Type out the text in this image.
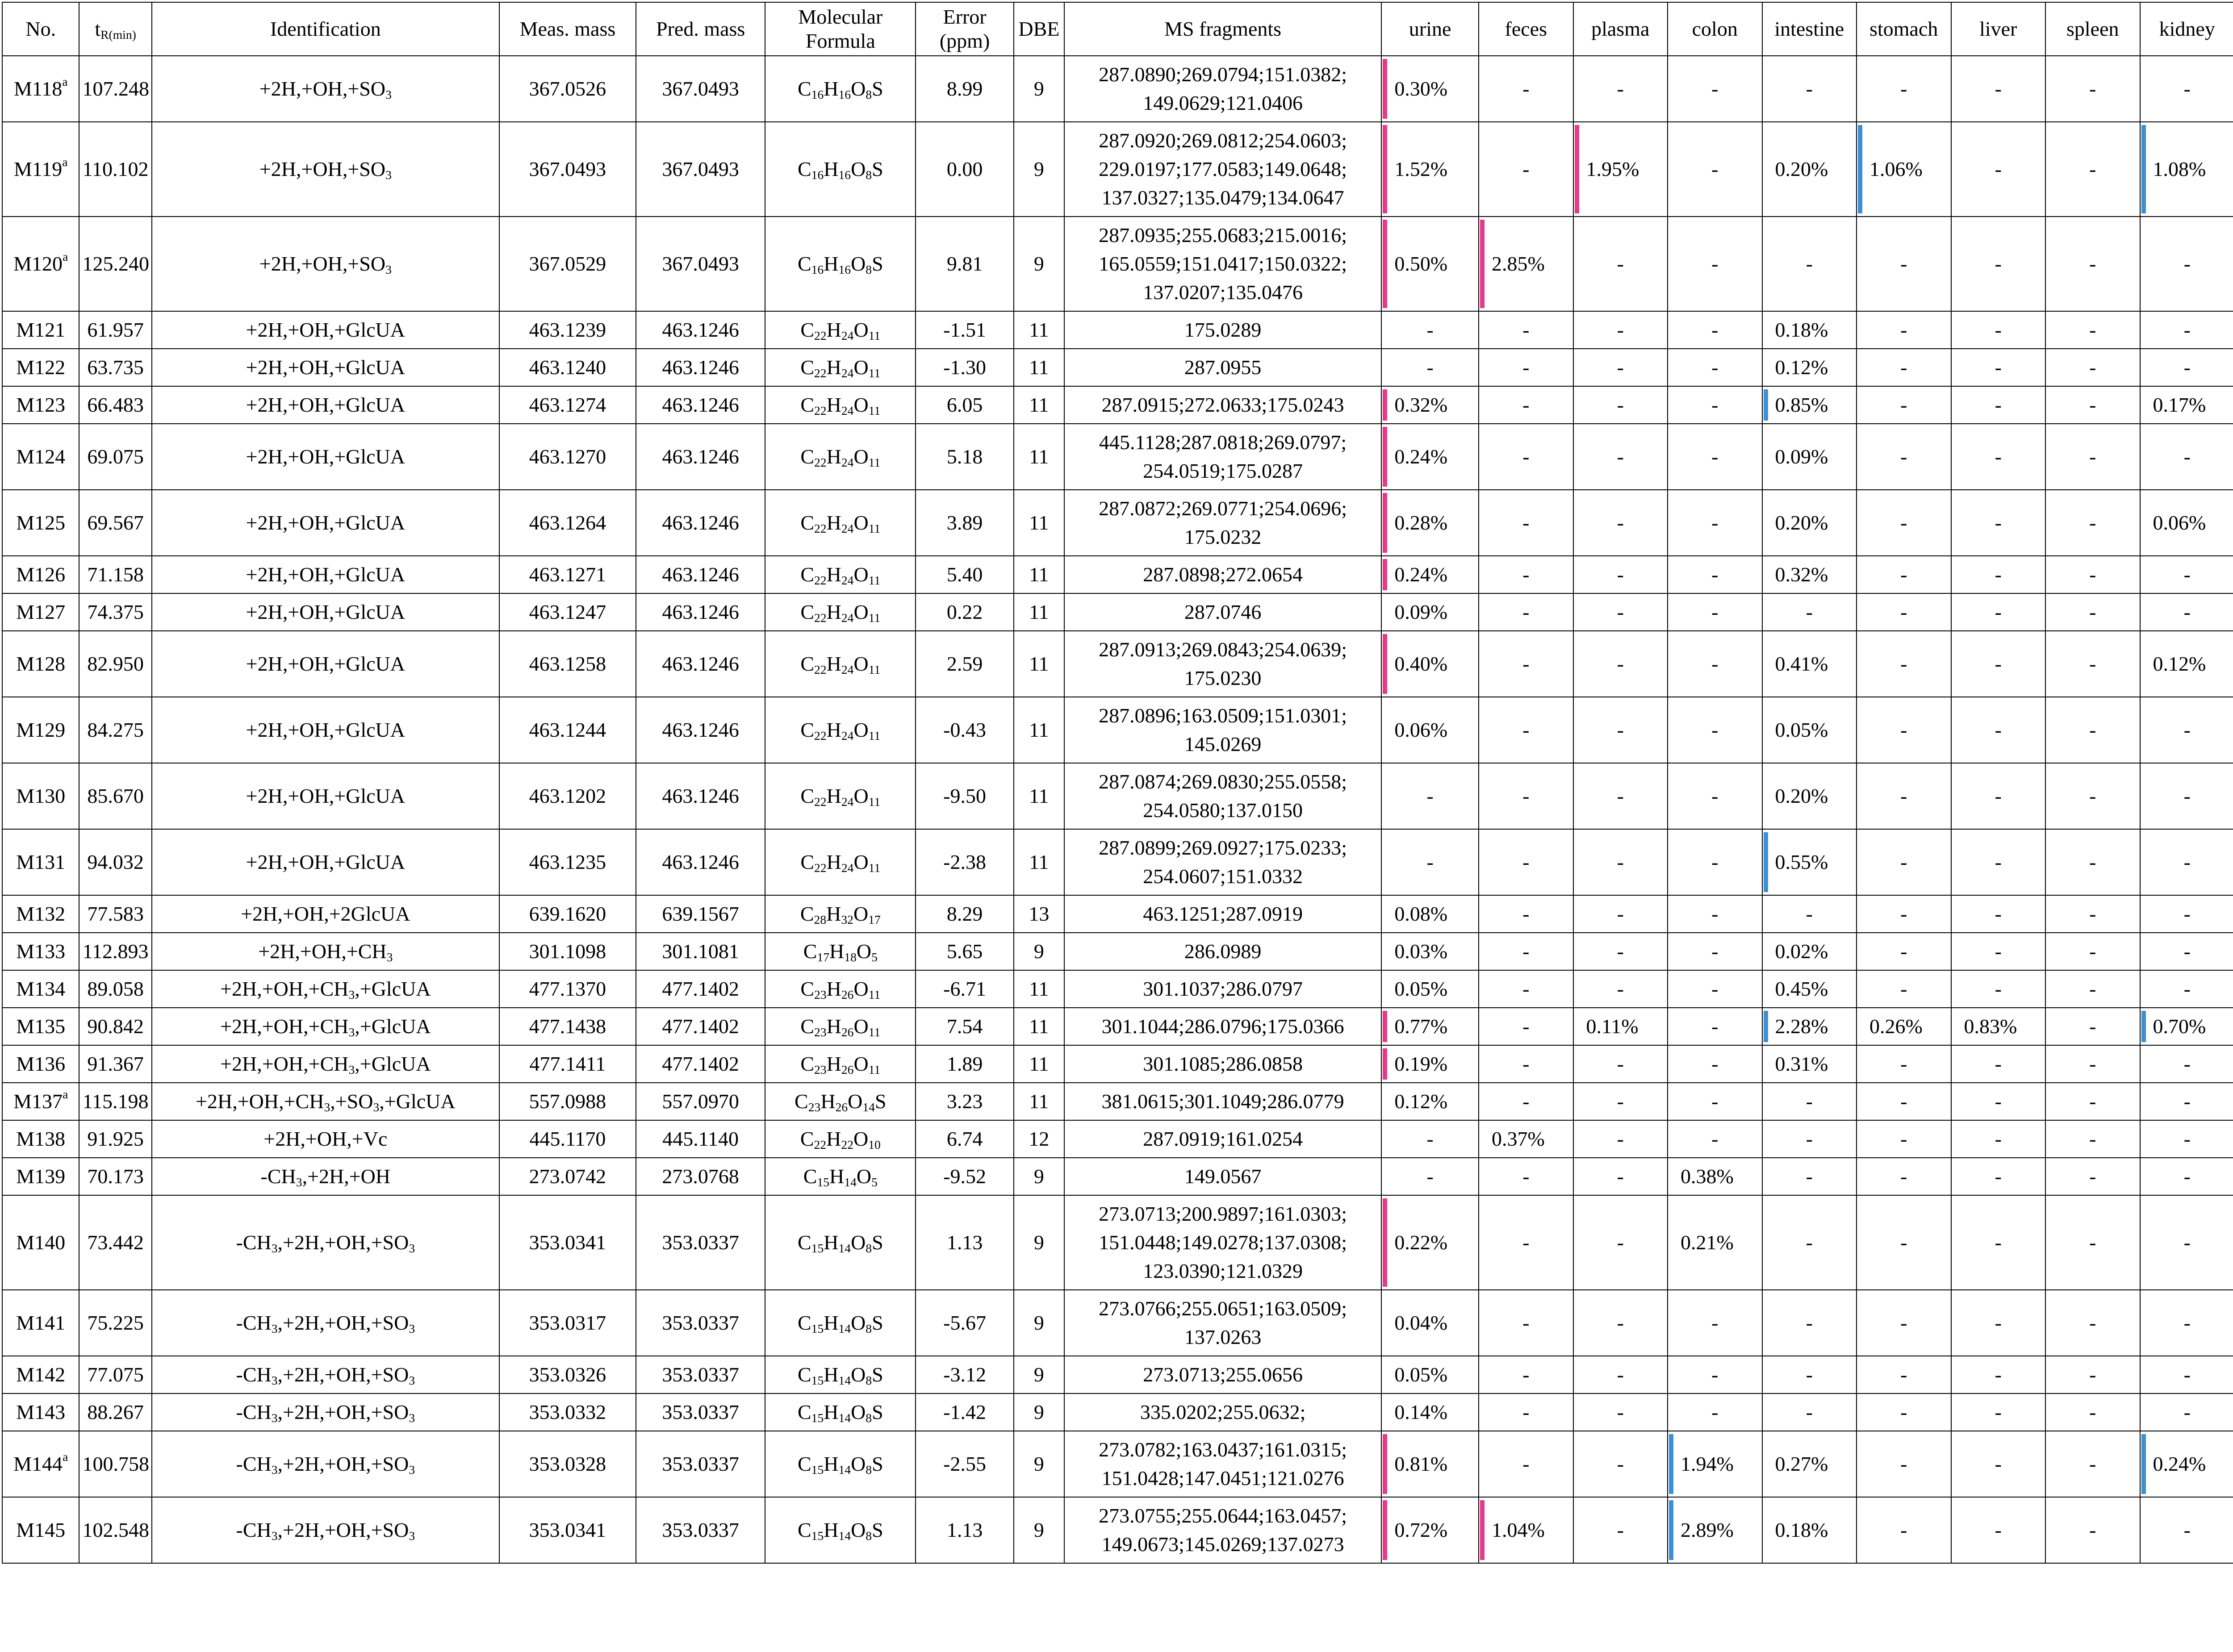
No.	$t_{R(min)}$	Identification	Meas. mass	Pred. mass	Molecular Formula	Error (ppm)	DBE	MS fragments	urine	feces	plasma	colon	intestine	stomach	liver	spleen	kidney				
M118$^a$	107.248	$+2H,+OH,+SO_3$	367.0526	367.0493	$C_{16}H_{16}O_8S$	8.99	9	287.0890;269.0794;151.0382;
149.0629;121.0406	0.30%	-	-	-	-	-	-	-	-				
M119$^a$	110.102	$+2H,+OH,+SO_3$	367.0493	367.0493	$C_{16}H_{16}O_8S$	0.00	9	287.0920;269.0812;254.0603;
229.0197;177.0583;149.0648;
137.0327;135.0479;134.0647	1.52%	-	1.95%	-	0.20%	1.06%	-	-	1.08%				
M120$^a$	125.240	$+2H,+OH,+SO_3$	367.0529	367.0493	$C_{16}H_{16}O_8S$	9.81	9	287.0935;255.0683;215.0016;
165.0559;151.0417;150.0322;
137.0207;135.0476	0.50%	2.85%	-	-	-	-	-	-	-				
M121	61.957	+2H,+OH,+GlcUA	463.1239	463.1246	$C_{22}H_{24}O_{11}$	-1.51	11	175.0289	-	-	-	-	0.18%	-	-	-	-				
M122	63.735	+2H,+OH,+GlcUA	463.1240	463.1246	$C_{22}H_{24}O_{11}$	-1.30	11	287.0955	-	-	-	-	0.12%	-	-	-	-				
M123	66.483	+2H,+OH,+GlcUA	463.1274	463.1246	$C_{22}H_{24}O_{11}$	6.05	11	287.0915;272.0633;175.0243	0.32%	-	-	-	0.85%	-	-	-	0.17%				
M124	69.075	+2H,+OH,+GlcUA	463.1270	463.1246	$C_{22}H_{24}O_{11}$	5.18	11	445.1128;287.0818;269.0797;
254.0519;175.0287	0.24%	-	-	-	0.09%	-	-	-	-				
M125	69.567	+2H,+OH,+GlcUA	463.1264	463.1246	$C_{22}H_{24}O_{11}$	3.89	11	287.0872;269.0771;254.0696;
175.0232	0.28%	-	-	-	0.20%	-	-	-	0.06%				
M126	71.158	+2H,+OH,+GlcUA	463.1271	463.1246	$C_{22}H_{24}O_{11}$	5.40	11	287.0898;272.0654	0.24%	-	-	-	0.32%	-	-	-	-				
M127	74.375	+2H,+OH,+GlcUA	463.1247	463.1246	$C_{22}H_{24}O_{11}$	0.22	11	287.0746	0.09%	-	-	-	-	-	-	-	-				
M128	82.950	+2H,+OH,+GlcUA	463.1258	463.1246	$C_{22}H_{24}O_{11}$	2.59	11	287.0913;269.0843;254.0639;
175.0230	0.40%	-	-	-	0.41%	-	-	-	0.12%				
M129	84.275	+2H,+OH,+GlcUA	463.1244	463.1246	$C_{22}H_{24}O_{11}$	-0.43	11	287.0896;163.0509;151.0301;
145.0269	0.06%	-	-	-	0.05%	-	-	-	-				
M130	85.670	+2H,+OH,+GlcUA	463.1202	463.1246	$C_{22}H_{24}O_{11}$	-9.50	11	287.0874;269.0830;255.0558;
254.0580;137.0150	-	-	-	-	0.20%	-	-	-	-				
M131	94.032	+2H,+OH,+GlcUA	463.1235	463.1246	$C_{22}H_{24}O_{11}$	-2.38	11	287.0899;269.0927;175.0233;
254.0607;151.0332	-	-	-	-	0.55%	-	-	-	-				
M132	77.583	+2H,+OH,+2GlcUA	639.1620	639.1567	$C_{28}H_{32}O_{17}$	8.29	13	463.1251;287.0919	0.08%	-	-	-	-	-	-	-	-				
M133	112.893	$+2H,+OH,+CH_3$	301.1098	301.1081	$C_{17}H_{18}O_5$	5.65	9	286.0989	0.03%	-	-	-	0.02%	-	-	-	-				
M134	89.058	$+2H,+OH,+CH_3,+GlcUA$	477.1370	477.1402	$C_{23}H_{26}O_{11}$	-6.71	11	301.1037;286.0797	0.05%	-	-	-	0.45%	-	-	-	-				
M135	90.842	$+2H,+OH,+CH_3,+GlcUA$	477.1438	477.1402	$C_{23}H_{26}O_{11}$	7.54	11	301.1044;286.0796;175.0366	0.77%	-	0.11%	-	2.28%	0.26%	0.83%	-	0.70%				
M136	91.367	$+2H,+OH,+CH_3,+GlcUA$	477.1411	477.1402	$C_{23}H_{26}O_{11}$	1.89	11	301.1085;286.0858	0.19%	-	-	-	0.31%	-	-	-	-				
M137$^a$	115.198	$+2H,+OH,+CH_3,+SO_3,+GlcUA$	557.0988	557.0970	$C_{23}H_{26}O_{14}S$	3.23	11	381.0615;301.1049;286.0779	0.12%	-	-	-	-	-	-	-	-				
M138	91.925	+2H,+OH,+Vc	445.1170	445.1140	$C_{22}H_{22}O_{10}$	6.74	12	287.0919;161.0254	-	0.37%	-	-	-	-	-	-	-				
M139	70.173	$-CH_3,+2H,+OH$	273.0742	273.0768	$C_{15}H_{14}O_5$	-9.52	9	149.0567	-	-	-	0.38%	-	-	-	-	-				
M140	73.442	$-CH_3,+2H,+OH,+SO_3$	353.0341	353.0337	$C_{15}H_{14}O_8S$	1.13	9	273.0713;200.9897;161.0303;
151.0448;149.0278;137.0308;
123.0390;121.0329	0.22%	-	-	0.21%	-	-	-	-	-				
M141	75.225	$-CH_3,+2H,+OH,+SO_3$	353.0317	353.0337	$C_{15}H_{14}O_8S$	-5.67	9	273.0766;255.0651;163.0509;
137.0263	0.04%	-	-	-	-	-	-	-	-				
M142	77.075	$-CH_3,+2H,+OH,+SO_3$	353.0326	353.0337	$C_{15}H_{14}O_8S$	-3.12	9	273.0713;255.0656	0.05%	-	-	-	-	-	-	-	-				
M143	88.267	$-CH_3,+2H,+OH,+SO_3$	353.0332	353.0337	$C_{15}H_{14}O_8S$	-1.42	9	335.0202;255.0632;	0.14%	-	-	-	-	-	-	-	-				
M144$^a$	100.758	$-CH_3,+2H,+OH,+SO_3$	353.0328	353.0337	$C_{15}H_{14}O_8S$	-2.55	9	273.0782;163.0437;161.0315;
151.0428;147.0451;121.0276	0.81%	-	-	1.94%	0.27%	-	-	-	0.24%				
M145	102.548	$-CH_3,+2H,+OH,+SO_3$	353.0341	353.0337	$C_{15}H_{14}O_8S$	1.13	9	273.0755;255.0644;163.0457;
149.0673;145.0269;137.0273	0.72%	1.04%	-	2.89%	0.18%	-	-	-	-				
